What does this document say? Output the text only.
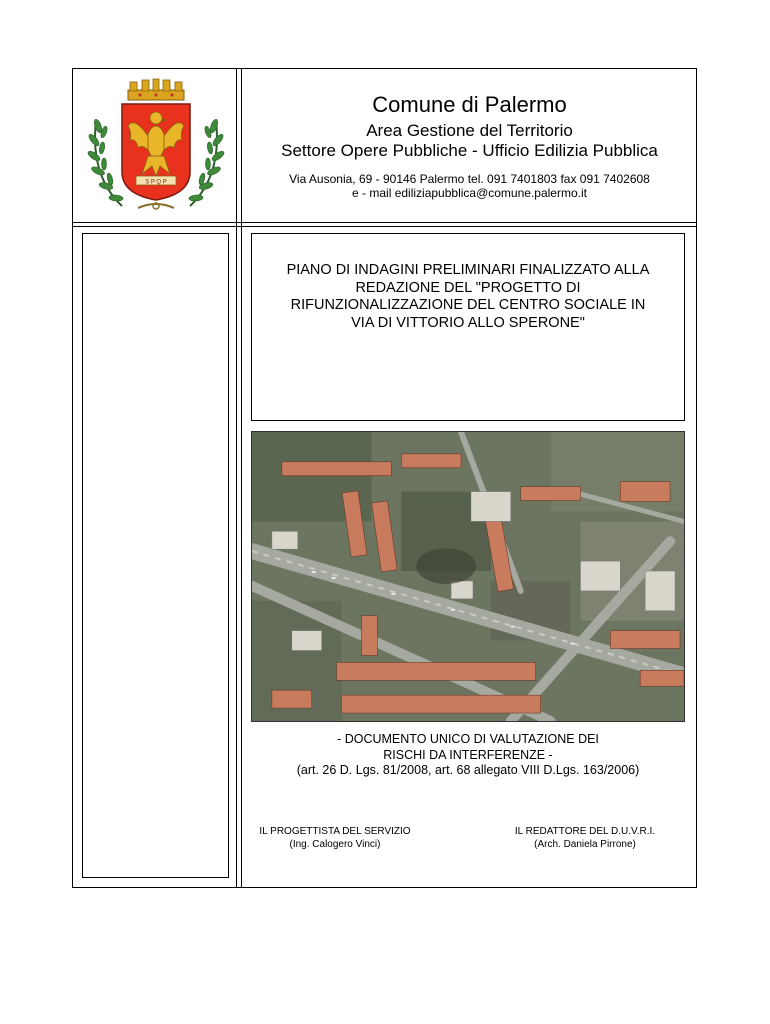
S P Q P
Comune di Palermo
Area Gestione del Territorio
Settore Opere Pubbliche - Ufficio Edilizia Pubblica
Via Ausonia, 69 - 90146 Palermo tel. 091 7401803 fax 091 7402608
e - mail ediliziapubblica@comune.palermo.it
PIANO DI INDAGINI PRELIMINARI FINALIZZATO ALLA
REDAZIONE DEL "PROGETTO DI
RIFUNZIONALIZZAZIONE DEL CENTRO SOCIALE IN
VIA DI VITTORIO ALLO SPERONE"
- DOCUMENTO UNICO DI VALUTAZIONE DEI
RISCHI DA INTERFERENZE -
(art. 26 D. Lgs. 81/2008, art. 68 allegato VIII D.Lgs. 163/2006)
IL PROGETTISTA DEL SERVIZIO
(Ing. Calogero Vinci)
IL REDATTORE DEL D.U.V.R.I.
(Arch. Daniela Pirrone)
